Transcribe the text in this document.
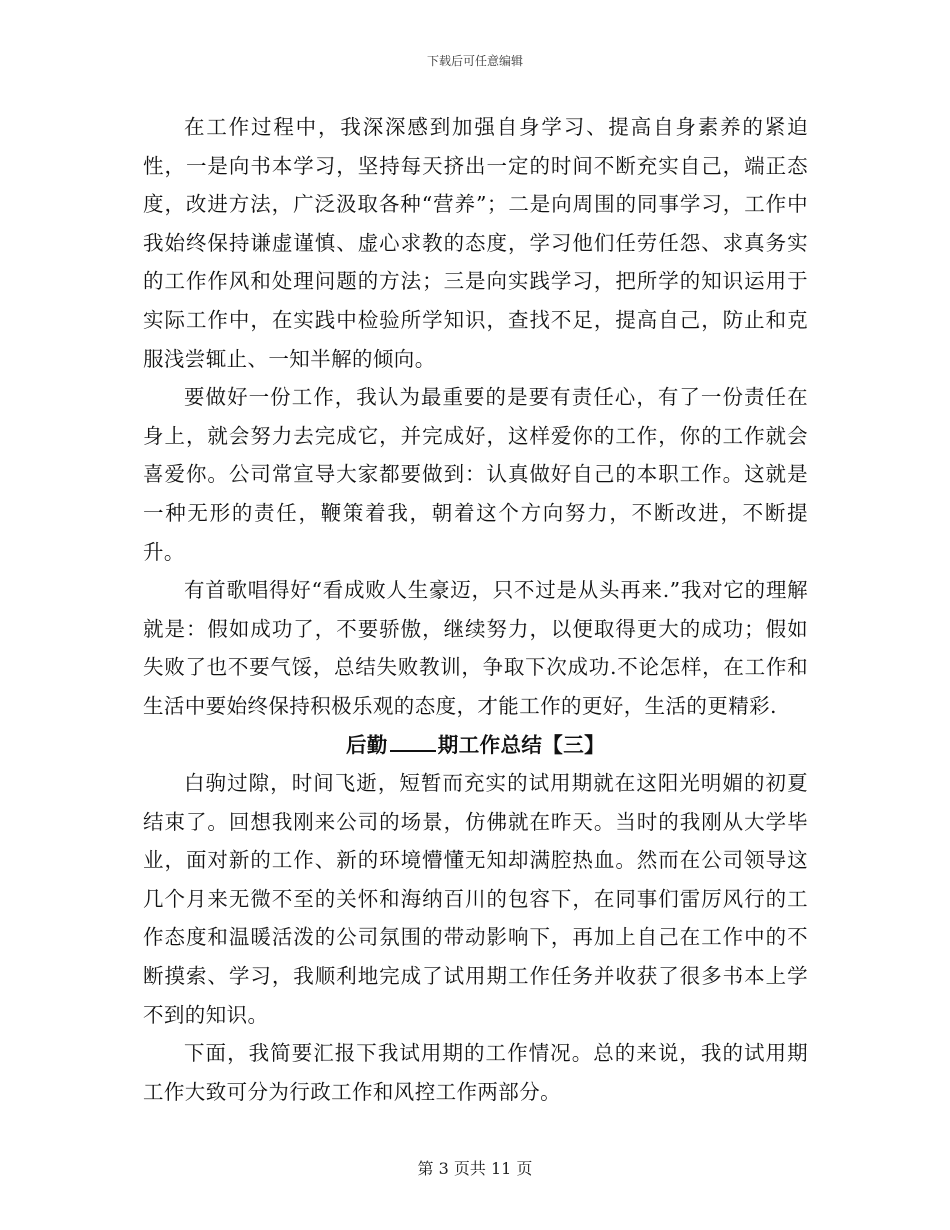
下载后可任意编辑

在工作过程中，我深深感到加强自身学习、提高自身素养的紧迫性，一是向书本学习，坚持每天挤出一定的时间不断充实自己，端正态度，改进方法，广泛汲取各种“营养”；二是向周围的同事学习，工作中我始终保持谦虚谨慎、虚心求教的态度，学习他们任劳任怨、求真务实的工作作风和处理问题的方法；三是向实践学习，把所学的知识运用于实际工作中，在实践中检验所学知识，查找不足，提高自己，防止和克服浅尝辄止、一知半解的倾向。

要做好一份工作，我认为最重要的是要有责任心，有了一份责任在身上，就会努力去完成它，并完成好，这样爱你的工作，你的工作就会喜爱你。公司常宣导大家都要做到：认真做好自己的本职工作。这就是一种无形的责任，鞭策着我，朝着这个方向努力，不断改进，不断提升。

有首歌唱得好“看成败人生豪迈，只不过是从头再来.”我对它的理解就是：假如成功了，不要骄傲，继续努力，以便取得更大的成功；假如失败了也不要气馁，总结失败教训，争取下次成功.不论怎样，在工作和生活中要始终保持积极乐观的态度，才能工作的更好，生活的更精彩.

后勤 期工作总结【三】

白驹过隙，时间飞逝，短暂而充实的试用期就在这阳光明媚的初夏结束了。回想我刚来公司的场景，仿佛就在昨天。当时的我刚从大学毕业，面对新的工作、新的环境懵懂无知却满腔热血。然而在公司领导这几个月来无微不至的关怀和海纳百川的包容下，在同事们雷厉风行的工作态度和温暖活泼的公司氛围的带动影响下，再加上自己在工作中的不断摸索、学习，我顺利地完成了试用期工作任务并收获了很多书本上学不到的知识。

下面，我简要汇报下我试用期的工作情况。总的来说，我的试用期工作大致可分为行政工作和风控工作两部分。

第 3 页共 11 页
